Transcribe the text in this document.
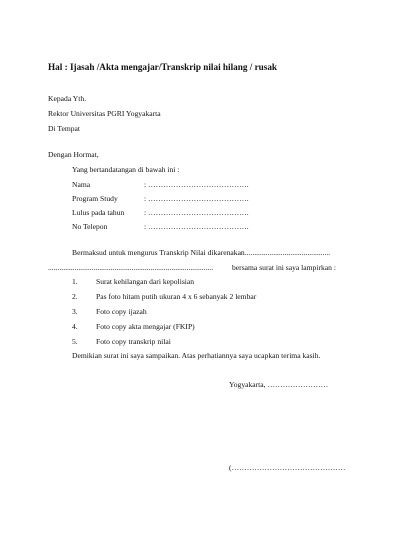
Hal : Ijasah /Akta mengajar/Transkrip nilai hilang / rusak
Kepada Yth.
Rektor Universitas PGRI Yogyakarta
Di Tempat
Dengan Hormat,
Yang bertandatangan di bawah ini :
Nama	: ………………………………….
Program Study	: ………………………………….
Lulus pada tahun	: ………………………………….
No Telepon	: ………………………………….
Bermaksud untuk mengurus Transkrip Nilai dikarenakan.............................................
....................................................................................... bersama surat ini saya lampirkan :
1. Surat kehilangan dari kepolisian
2. Pas foto hitam putih ukuran 4 x 6 sebanyak 2 lembar
3. Foto copy ijazah
4. Foto copy akta mengajar (FKIP)
5. Foto copy transkrip nilai
Demikian surat ini saya sampaikan. Atas perhatiannya saya ucapkan terima kasih.
Yogyakarta, ……………………
(………………………………………
